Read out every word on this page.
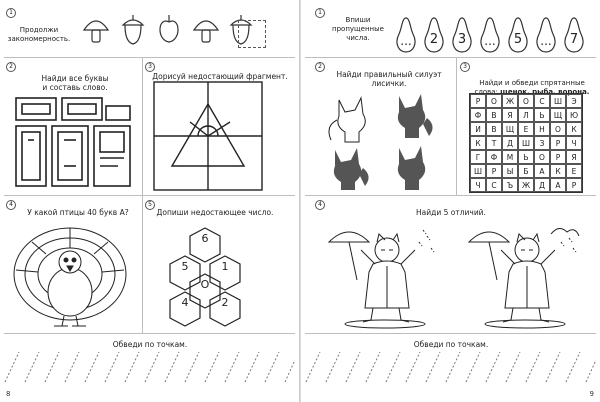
1
Продолжи
закономерность.
2
Найди все буквы
и составь слово.
3
Дорисуй недостающий фрагмент.
4
У какой птицы 40 букв А?
5
Допиши недостающее число.
6
5	1
О
4	2
Обведи по точкам.
8
1
Впиши
пропущенные
числа.	...	2	3	...	5	...	7
2
Найди правильный силуэт
лисички.
3

Найди и обведи спрятанные
слова: щенок, рыба, ворона.

Р	О	Ж	О	С	Ш	Э
Ф	В	Я	Л	Ь	Щ	Ю
И	В	Щ	Е	Н	О	К
К	Т	Д	Ш	З	Р	Ч
Г	Ф	М	Ь	О	Р	Я
Ш	Р	Ы	Б	А	К	Е
Ч	С	Ъ	Ж	Д	А	Р
4
Найди 5 отличий.
Обведи по точкам.
9
